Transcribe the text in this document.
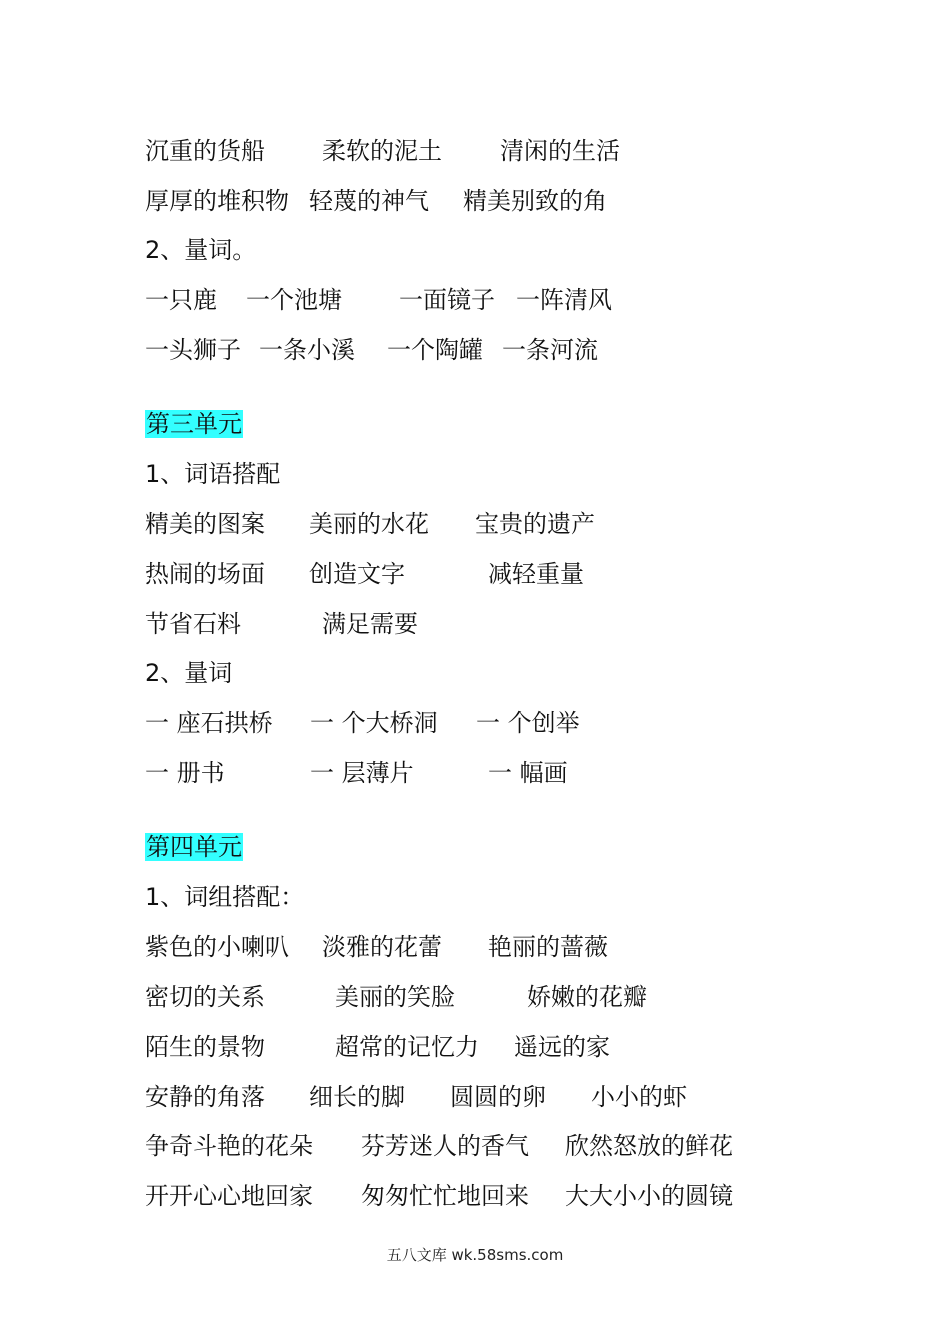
沉重的货船 柔软的泥土 清闲的生活
厚厚的堆积物 轻蔑的神气 精美别致的角
2、量词。
一只鹿 一个池塘 一面镜子 一阵清风
一头狮子 一条小溪 一个陶罐 一条河流
第三单元
1、词语搭配
精美的图案 美丽的水花 宝贵的遗产
热闹的场面 创造文字	减轻重量
节省石料	满足需要
2、量词
一 座石拱桥 一 个大桥洞 一 个创举
一 册书	一 层薄片	一 幅画
第四单元
1、词组搭配：
紫色的小喇叭 淡雅的花蕾 艳丽的蔷薇
密切的关系	美丽的笑脸	娇嫩的花瓣
陌生的景物	超常的记忆力 遥远的家
安静的角落 细长的脚 圆圆的卵 小小的虾
争奇斗艳的花朵 芬芳迷人的香气 欣然怒放的鲜花
开开心心地回家 匆匆忙忙地回来 大大小小的圆镜
五八文库 wk.58sms.com
